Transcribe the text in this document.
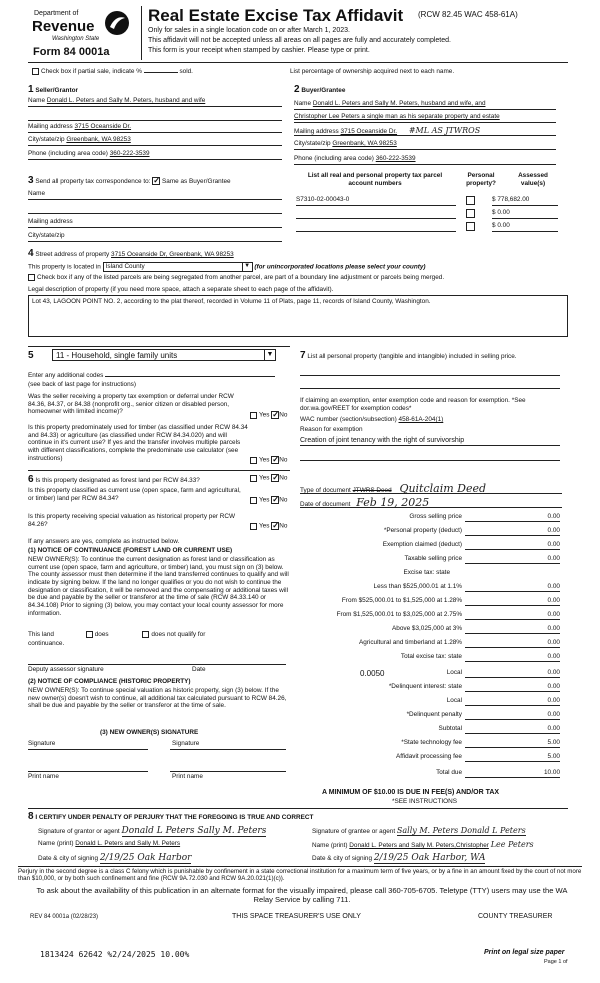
Department of
Revenue
Washington State
Form 84 0001a
Real Estate Excise Tax Affidavit (RCW 82.45 WAC 458-61A)
Only for sales in a single location code on or after March 1, 2023.
This affidavit will not be accepted unless all areas on all pages are fully and accurately completed.
This form is your receipt when stamped by cashier. Please type or print.
Check box if partial sale, indicate %	sold.	List percentage of ownership acquired next to each name.
1 Seller/Grantor
Name Donald L. Peters and Sally M. Peters, husband and wife
Mailing address 3715 Oceanside Dr.
City/state/zip Greenbank, WA 98253
Phone (including area code) 360-222-3539
2 Buyer/Grantee
Name Donald L. Peters and Sally M. Peters, husband and wife, and
Christopher Lee Peters a single man as his separate property and estate
Mailing address 3715 Oceanside Dr. #ML AS JTWROS
City/state/zip Greenbank, WA 98253
Phone (including area code) 360-222-3539
3 Send all property tax correspondence to: ✓ Same as Buyer/Grantee
Name
Mailing address
City/state/zip
List all real and personal property tax parcel account numbers
Personal property?
Assessed value(s)
S7310-02-00043-0	$ 778,682.00
$ 0.00
$ 0.00
4 Street address of property 3715 Oceanside Dr, Greenbank, WA 98253
This property is located in Island County	▼ (for unincorporated locations please select your county)
Check box if any of the listed parcels are being segregated from another parcel, are part of a boundary line adjustment or parcels being merged.
Legal description of property (if you need more space, attach a separate sheet to each page of the affidavit).
Lot 43, LAGOON POINT NO. 2, according to the plat thereof, recorded in Volume 11 of Plats, page 11, records of Island County, Washington.
5	11 - Household, single family units	▼
Enter any additional codes
(see back of last page for instructions)
Was the seller receiving a property tax exemption or deferral under RCW 84.36, 84.37, or 84.38 (nonprofit org., senior citizen or disabled person, homeowner with limited income)?	Yes ✓No
Is this property predominately used for timber (as classified under RCW 84.34 and 84.33) or agriculture (as classified under RCW 84.34.020) and will continue in it's current use? If yes and the transfer involves multiple parcels with different classifications, complete the predominate use calculator (see instructions)	Yes ✓No
6 Is this property designated as forest land per RCW 84.33?	Yes ✓No
Is this property classified as current use (open space, farm and agricultural, or timber) land per RCW 84.34?	Yes ✓No
Is this property receiving special valuation as historical property per RCW 84.26?	Yes ✓No
If any answers are yes, complete as instructed below.
(1) NOTICE OF CONTINUANCE (FOREST LAND OR CURRENT USE)
NEW OWNER(S): To continue the current designation as forest land or classification as current use (open space, farm and agriculture, or timber) land, you must sign on (3) below. The county assessor must then determine if the land transferred continues to qualify and will indicate by signing below. If the land no longer qualifies or you do not wish to continue the designation or classification, it will be removed and the compensating or additional taxes will be due and payable by the seller or transferor at the time of sale (RCW 84.33.140 or 84.34.108) Prior to signing (3) below, you may contact your local county assessor for more information.
This land	does	does not qualify for
continuance.
Deputy assessor signature	Date
(2) NOTICE OF COMPLIANCE (HISTORIC PROPERTY)
NEW OWNER(S): To continue special valuation as historic property, sign (3) below. If the new owner(s) doesn't wish to continue, all additional tax calculated pursuant to RCW 84.26, shall be due and payable by the seller or transferor at the time of sale.
(3) NEW OWNER(S) SIGNATURE
Signature	Signature
Print name	Print name
7 List all personal property (tangible and intangible) included in selling price.
If claiming an exemption, enter exemption code and reason for exemption. *See dor.wa.gov/REET for exemption codes*
WAC number (section/subsection) 458-61A-204(1)
Reason for exemption
Creation of joint tenancy with the right of survivorship
Type of document JTWRS Deed Quitclaim Deed
Date of document Feb 19, 2025
Gross selling price	0.00
*Personal property (deduct)	0.00
Exemption claimed (deduct)	0.00
Taxable selling price	0.00
Excise tax: state
Less than $525,000.01 at 1.1%	0.00
From $525,000.01 to $1,525,000 at 1.28%	0.00
From $1,525,000.01 to $3,025,000 at 2.75%	0.00
Above $3,025,000 at 3%	0.00
Agricultural and timberland at 1.28%	0.00
Total excise tax: state	0.00
Local	0.00
0.0050
*Delinquent interest: state	0.00
Local	0.00
*Delinquent penalty	0.00
Subtotal	0.00
*State technology fee	5.00
Affidavit processing fee	5.00
Total due	10.00
A MINIMUM OF $10.00 IS DUE IN FEE(S) AND/OR TAX
*SEE INSTRUCTIONS
8 I CERTIFY UNDER PENALTY OF PERJURY THAT THE FOREGOING IS TRUE AND CORRECT
Signature of grantor or agent Donald L Peters Sally M. Peters
Name (print) Donald L. Peters and Sally M. Peters
Date & city of signing 2/19/25 Oak Harbor
Signature of grantee or agent Sally M. Peters Donald L Peters
Name (print) Donald L. Peters and Sally M. Peters,Christopher Lee Peters
Date & city of signing 2/19/25 Oak Harbor, WA
Perjury in the second degree is a class C felony which is punishable by confinement in a state correctional institution for a maximum term of five years, or by a fine in an amount fixed by the court of not more than $10,000, or by both such confinement and fine (RCW 9A.72.030 and RCW 9A.20.021(1)(c)).
To ask about the availability of this publication in an alternate format for the visually impaired, please call 360-705-6705. Teletype (TTY) users may use the WA Relay Service by calling 711.
REV 84 0001a (02/28/23)	THIS SPACE TREASURER'S USE ONLY	COUNTY TREASURER
1813424 62642 %2/24/2025 10.00%	Print on legal size paper
Page 1 of
